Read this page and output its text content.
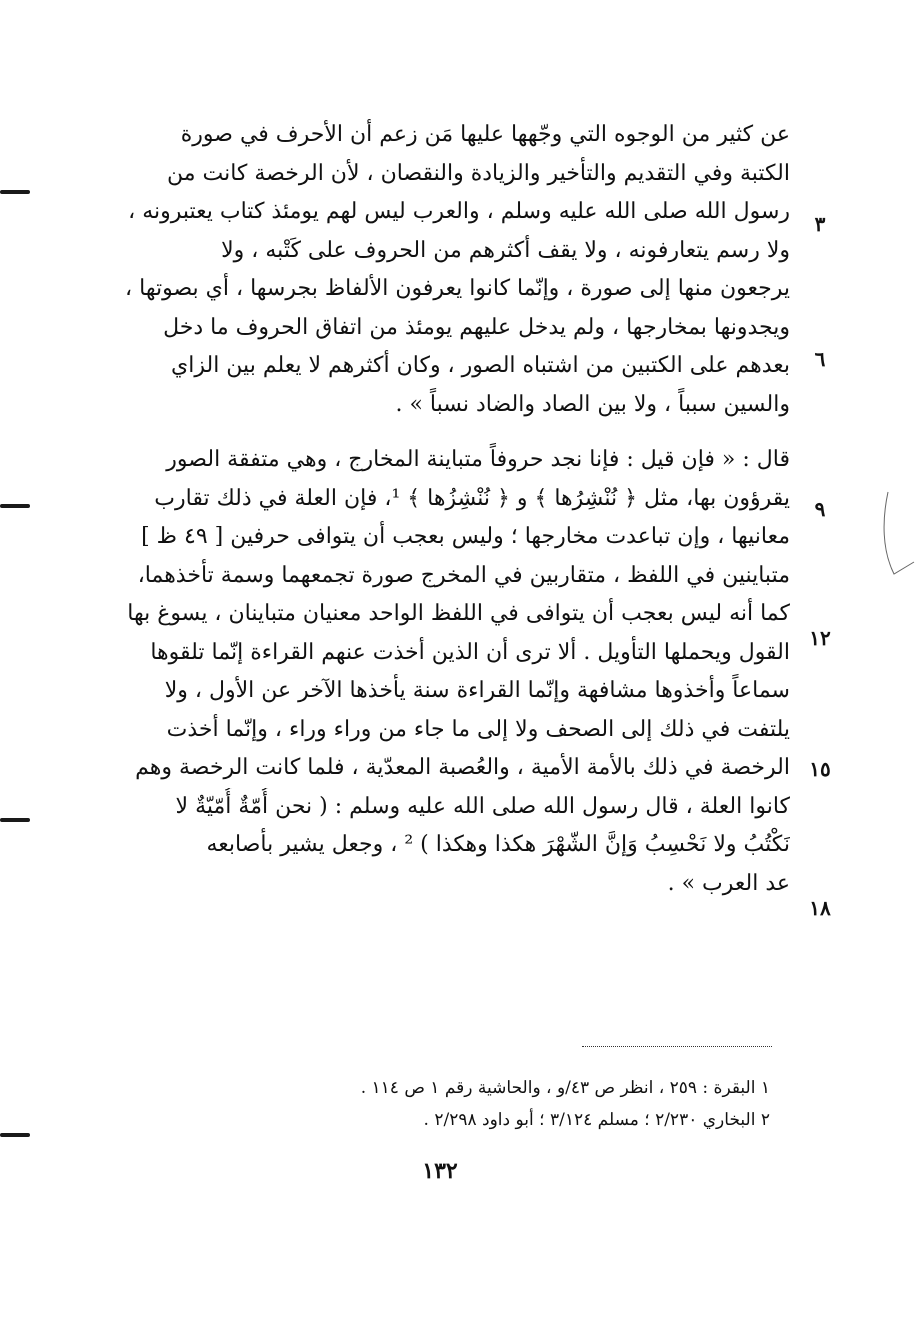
عن كثير من الوجوه التي وجّهها عليها مَن زعم أن الأحرف في صورة
الكتبة وفي التقديم والتأخير والزيادة والنقصان ، لأن الرخصة كانت من
رسول الله صلى الله عليه وسلم ، والعرب ليس لهم يومئذ كتاب يعتبرونه ،
ولا رسم يتعارفونه ، ولا يقف أكثرهم من الحروف على كَتْبه ، ولا
يرجعون منها إلى صورة ، وإنّما كانوا يعرفون الألفاظ بجرسها ، أي بصوتها ،
ويجدونها بمخارجها ، ولم يدخل عليهم يومئذ من اتفاق الحروف ما دخل
بعدهم على الكتبين من اشتباه الصور ، وكان أكثرهم لا يعلم بين الزاي
والسين سبباً ، ولا بين الصاد والضاد نسباً » .
قال : « فإن قيل : فإنا نجد حروفاً متباينة المخارج ، وهي متفقة الصور
يقرؤون بها، مثل ﴿ نُنْشِرُها ﴾ و ﴿ نُنْشِزُها ﴾ ¹، فإن العلة في ذلك تقارب
معانيها ، وإن تباعدت مخارجها ؛ وليس بعجب أن يتوافى حرفين [ ٤٩ ظ ]
متباينين في اللفظ ، متقاربين في المخرج صورة تجمعهما وسمة تأخذهما،
كما أنه ليس بعجب أن يتوافى في اللفظ الواحد معنيان متباينان ، يسوغ بها
القول ويحملها التأويل . ألا ترى أن الذين أخذت عنهم القراءة إنّما تلقوها
سماعاً وأخذوها مشافهة وإنّما القراءة سنة يأخذها الآخر عن الأول ، ولا
يلتفت في ذلك إلى الصحف ولا إلى ما جاء من وراء وراء ، وإنّما أخذت
الرخصة في ذلك بالأمة الأمية ، والعُصبة المعدّية ، فلما كانت الرخصة وهم
كانوا العلة ، قال رسول الله صلى الله عليه وسلم : ( نحن أُمّةٌ أُمّيّةٌ لا
نَكْتُبُ ولا نَحْسِبُ وَإنَّ الشّهْرَ هكذا وهكذا ) ² ، وجعل يشير بأصابعه
عد العرب » .
٣
٦
٩
١٢
١٥
١٨
١ البقرة : ٢٥٩ ، انظر ص ٤٣/و ، والحاشية رقم ١ ص ١١٤ .
٢ البخاري ٢/٢٣٠ ؛ مسلم ٣/١٢٤ ؛ أبو داود ٢/٢٩٨ .
١٣٢
